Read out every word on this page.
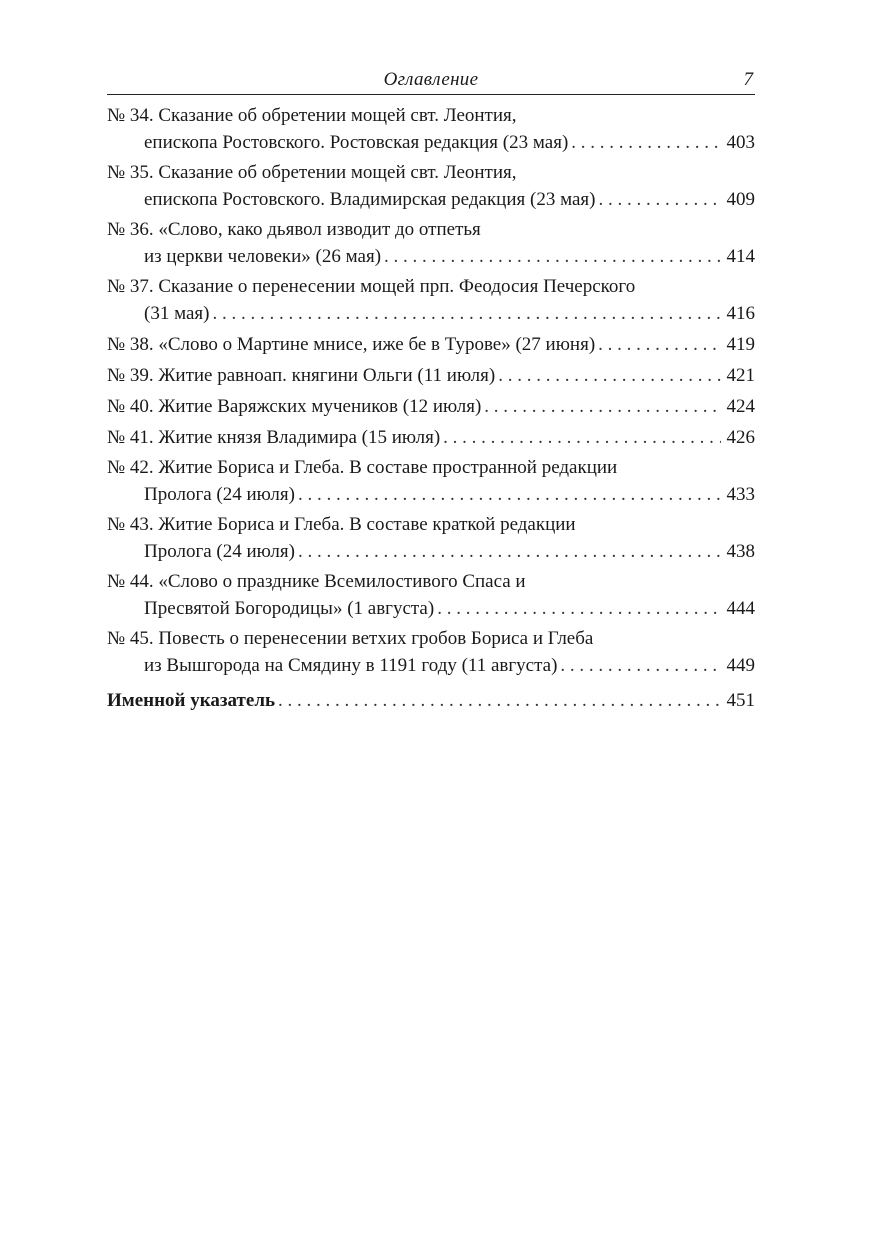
Оглавление	7
№ 34. Сказание об обретении мощей свт. Леонтия,
епископа Ростовского. Ростовская редакция (23 мая) . . .	403
№ 35. Сказание об обретении мощей свт. Леонтия,
епископа Ростовского. Владимирская редакция (23 мая) . . .	409
№ 36. «Слово, како дьявол изводит до отпетья
из церкви человеки» (26 мая) . . .	414
№ 37. Сказание о перенесении мощей прп. Феодосия Печерского
(31 мая) . . .	416
№ 38. «Слово о Мартине мнисе, иже бе в Турове» (27 июня) . . .	419
№ 39. Житие равноап. княгини Ольги (11 июля) . . .	421
№ 40. Житие Варяжских мучеников (12 июля) . . .	424
№ 41. Житие князя Владимира (15 июля) . . .	426
№ 42. Житие Бориса и Глеба. В составе пространной редакции
Пролога (24 июля) . . .	433
№ 43. Житие Бориса и Глеба. В составе краткой редакции
Пролога (24 июля) . . .	438
№ 44. «Слово о празднике Всемилостивого Спаса и
Пресвятой Богородицы» (1 августа) . . .	444
№ 45. Повесть о перенесении ветхих гробов Бориса и Глеба
из Вышгорода на Смядину в 1191 году (11 августа) . . .	449
Именной указатель . . .	451
